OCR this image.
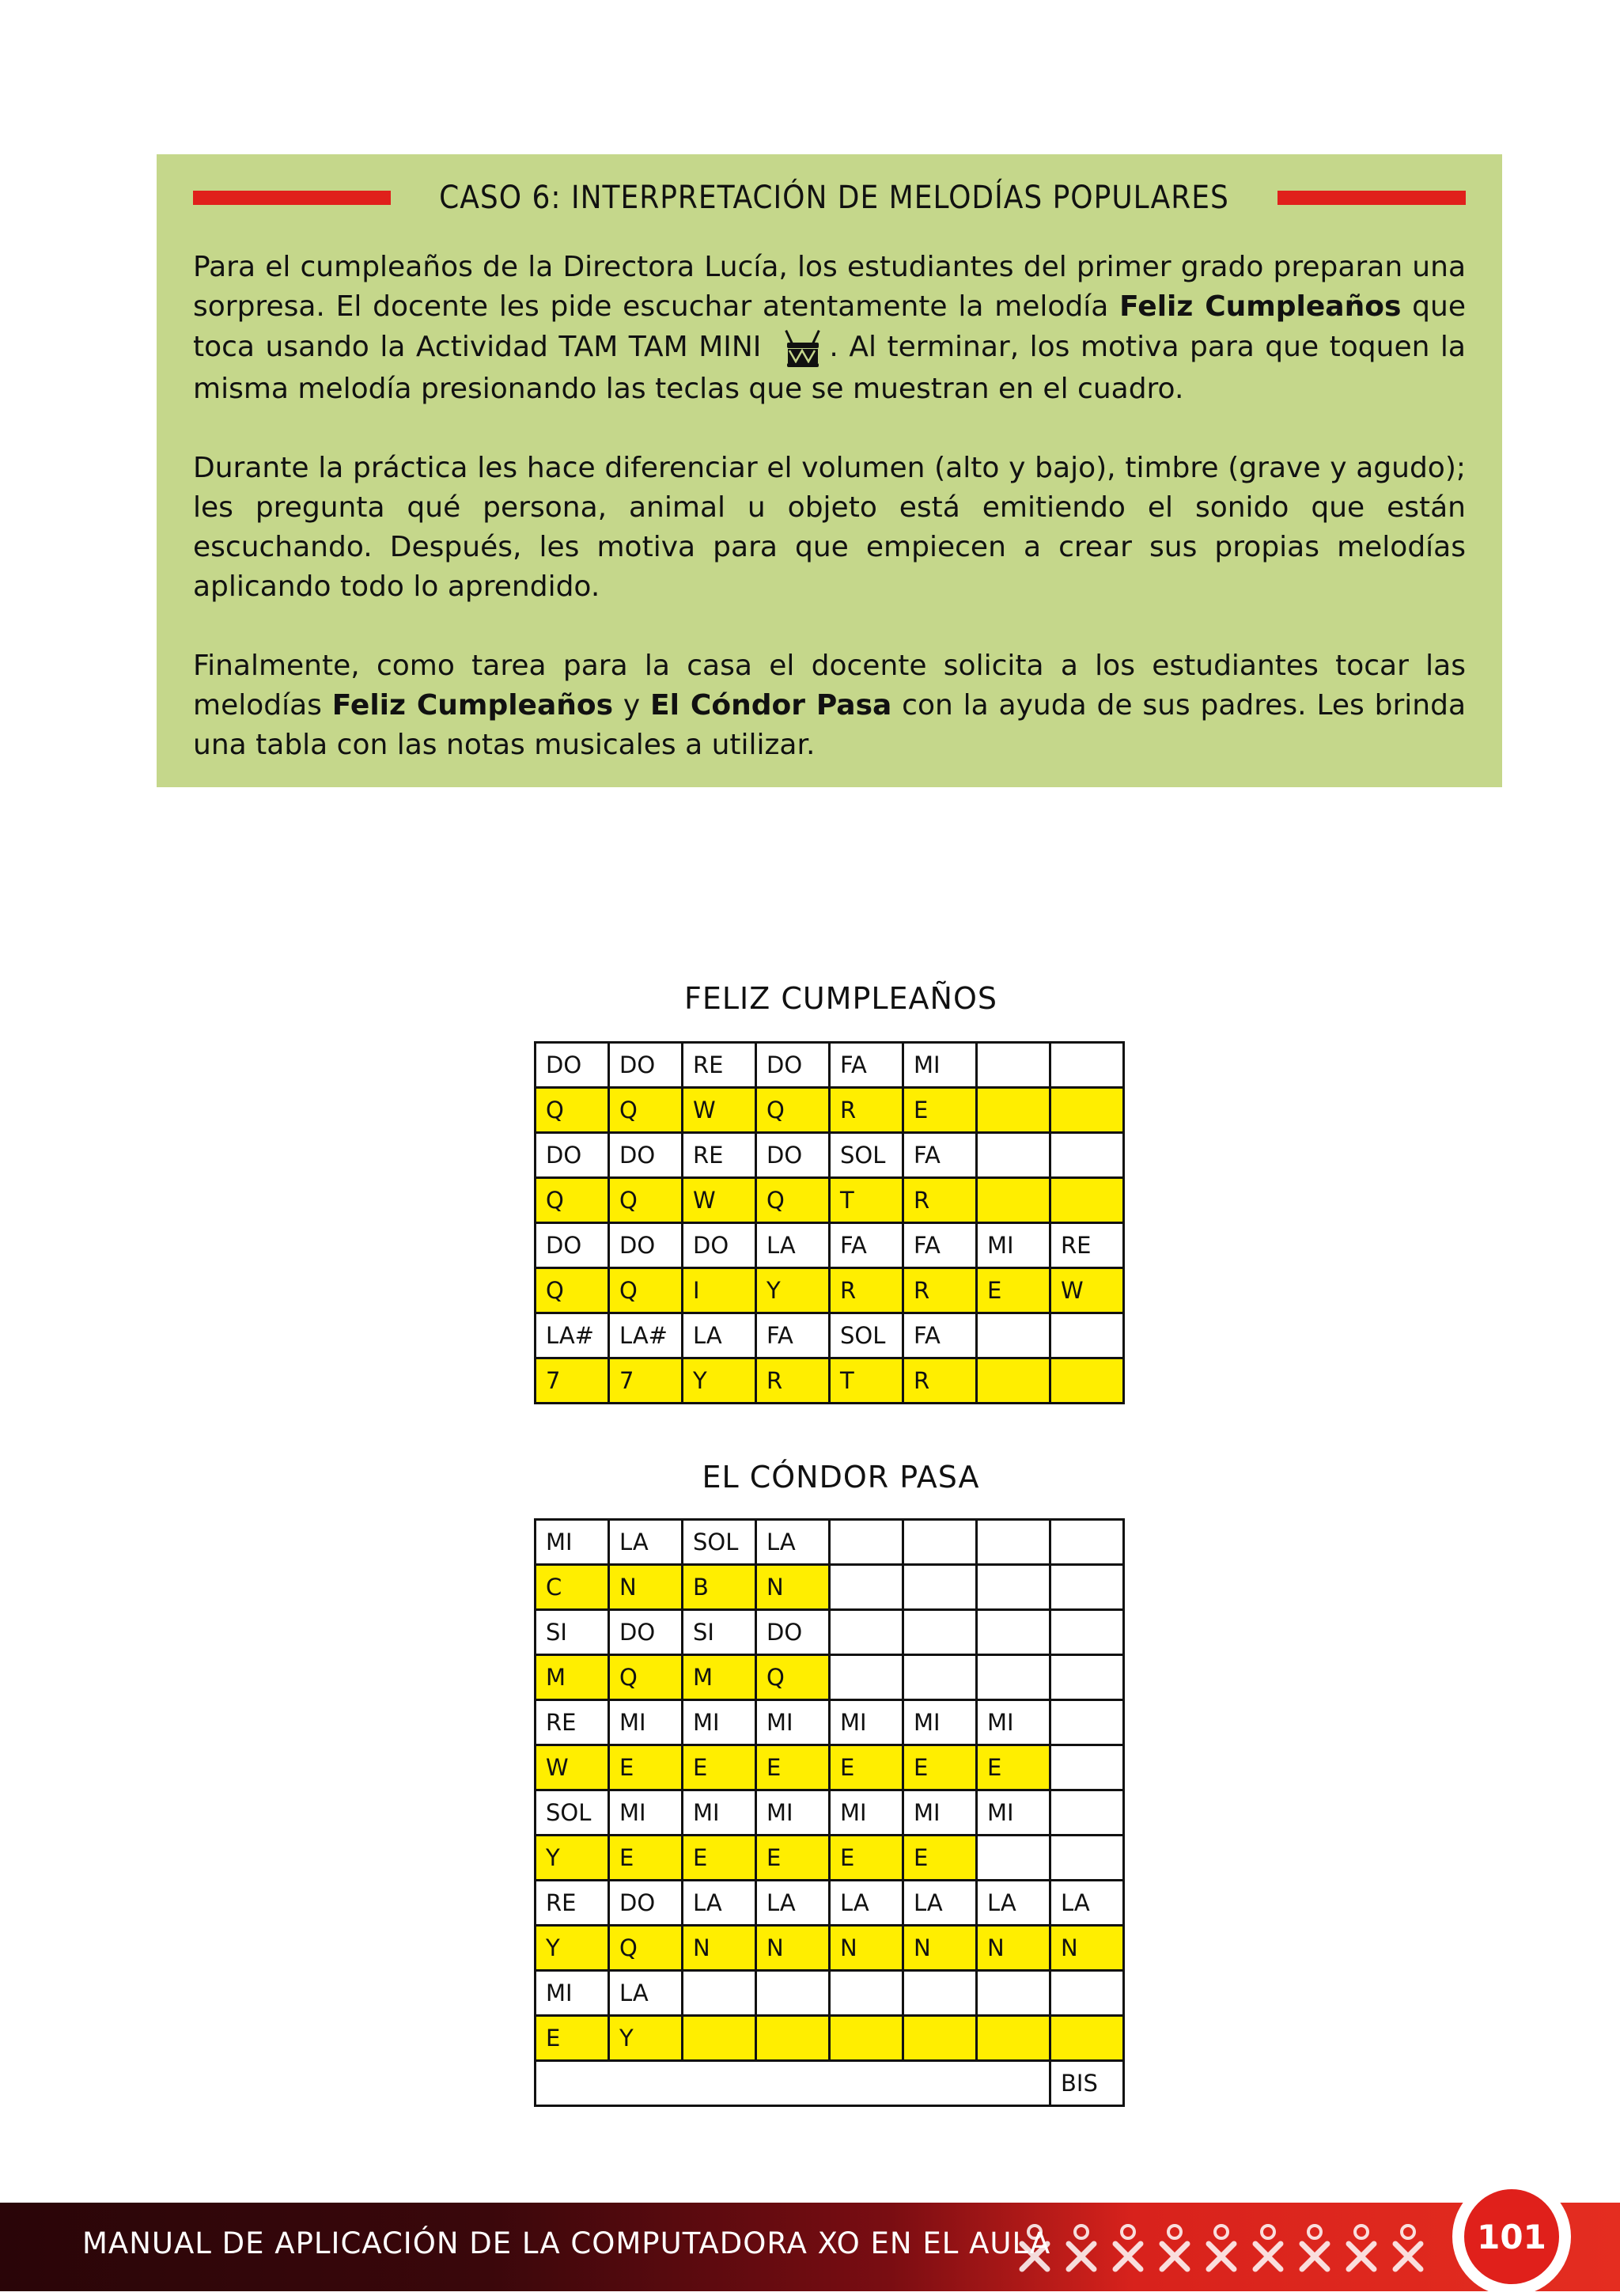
CASO 6: INTERPRETACIÓN DE MELODÍAS POPULARES

Para el cumpleaños de la Directora Lucía, los estudiantes del primer grado preparan una sorpresa. El docente les pide escuchar atentamente la melodía Feliz Cumpleaños que toca usando la Actividad TAM TAM MINI . Al terminar, los motiva para que toquen la misma melodía presionando las teclas que se muestran en el cuadro.

Durante la práctica les hace diferenciar el volumen (alto y bajo), timbre (grave y agudo); les pregunta qué persona, animal u objeto está emitiendo el sonido que están escuchando. Después, les motiva para que empiecen a crear sus propias melodías aplicando todo lo aprendido.

Finalmente, como tarea para la casa el docente solicita a los estudiantes tocar las melodías Feliz Cumpleaños y El Cóndor Pasa con la ayuda de sus padres. Les brinda una tabla con las notas musicales a utilizar.

FELIZ CUMPLEAÑOS
DO	DO	RE	DO	FA	MI		
Q	Q	W	Q	R	E		
DO	DO	RE	DO	SOL	FA		
Q	Q	W	Q	T	R		
DO	DO	DO	LA	FA	FA	MI	RE
Q	Q	I	Y	R	R	E	W
LA#	LA#	LA	FA	SOL	FA		
7	7	Y	R	T	R		
EL CÓNDOR PASA
MI	LA	SOL	LA				
C	N	B	N				
SI	DO	SI	DO				
M	Q	M	Q				
RE	MI	MI	MI	MI	MI	MI	
W	E	E	E	E	E	E	
SOL	MI	MI	MI	MI	MI	MI	
Y	E	E	E	E	E		
RE	DO	LA	LA	LA	LA	LA	LA
Y	Q	N	N	N	N	N	N
MI	LA						
E	Y						
							BIS
MANUAL DE APLICACIÓN DE LA COMPUTADORA XO EN EL AULA	101
